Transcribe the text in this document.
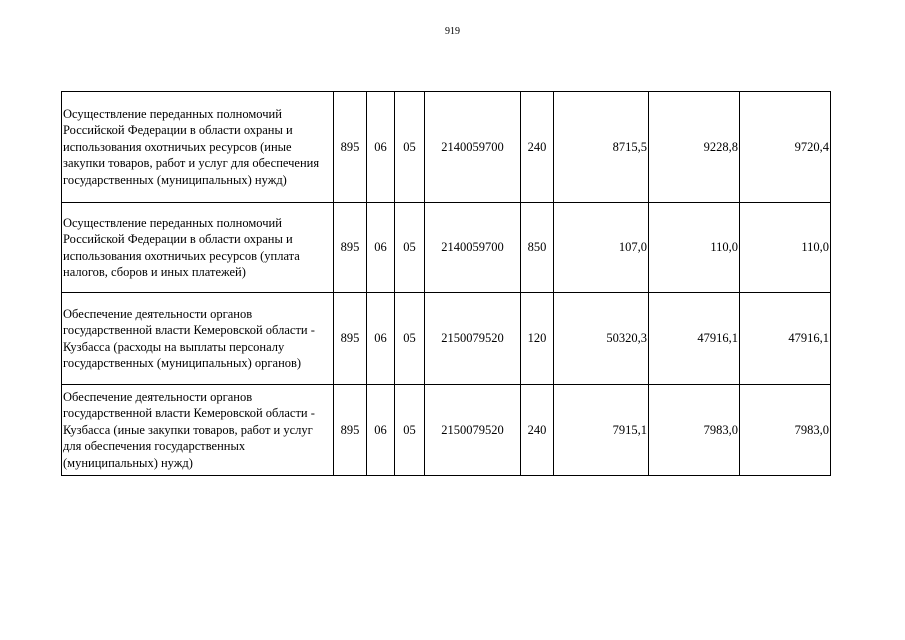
919
Осуществление переданных полномочий Российской Федерации в области охраны и использования охотничьих ресурсов (иные закупки товаров, работ и услуг для обеспечения государственных (муниципальных) нужд)	895	06	05	2140059700	240	8715,5	9228,8	9720,4
Осуществление переданных полномочий Российской Федерации в области охраны и использования охотничьих ресурсов (уплата налогов, сборов и иных платежей)	895	06	05	2140059700	850	107,0	110,0	110,0
Обеспечение деятельности органов государственной власти Кемеровской области - Кузбасса (расходы на выплаты персоналу государственных (муниципальных) органов)	895	06	05	2150079520	120	50320,3	47916,1	47916,1
Обеспечение деятельности органов государственной власти Кемеровской области - Кузбасса (иные закупки товаров, работ и услуг для обеспечения государственных (муниципальных) нужд)	895	06	05	2150079520	240	7915,1	7983,0	7983,0
